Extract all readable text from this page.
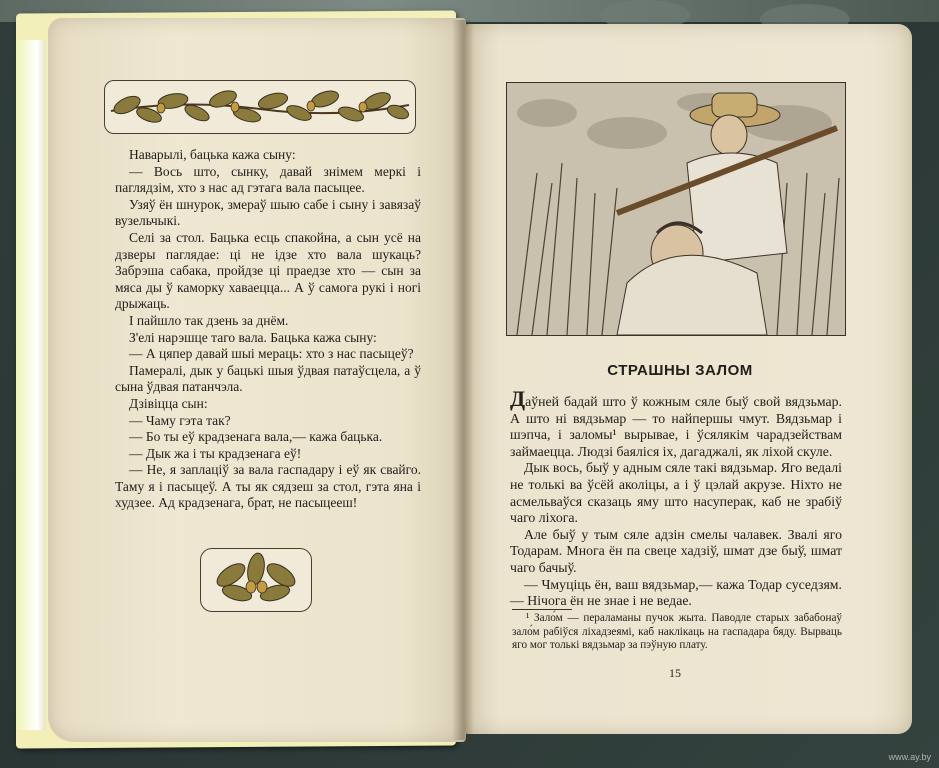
Наварылі, бацька кажа сыну:

— Вось што, сынку, давай знімем меркі і паглядзім, хто з нас ад гэтага вала пасыцее.

Узяў ён шнурок, змераў шыю сабе і сыну і завязаў вузельчыкі.

Селі за стол. Бацька есць спакойна, а сын усё на дзверы паглядае: ці не ідзе хто вала шукаць? Забрэша сабака, пройдзе ці праедзе хто — сын за мяса ды ў каморку хаваецца... А ў самога рукі і ногі дрыжаць.

І пайшло так дзень за днём.

З'елі нарэшце таго вала. Бацька кажа сыну:

— А цяпер давай шыі мераць: хто з нас пасыцеў?

Памералі, дык у бацькі шыя ўдвая патаўсцела, а ў сына ўдвая патанчэла.

Дзівіцца сын:

— Чаму гэта так?

— Бо ты еў крадзенага вала,— кажа бацька.

— Дык жа і ты крадзенага еў!

— Не, я заплаціў за вала гаспадару і еў як свайго. Таму я і пасыцеў. А ты як сядзеш за стол, гэта яна і худзее. Ад крадзенага, брат, не пасыцееш!

СТРАШНЫ ЗАЛОМ

Даўней бадай што ў кожным сяле быў свой вядзьмар. А што ні вядзьмар — то найпершы чмут. Вядзьмар і шэпча, і заломы¹ вырывае, і ўсялякім чарадзействам займаецца. Людзі баяліся іх, дагаджалі, як ліхой скуле.

Дык вось, быў у адным сяле такі вядзьмар. Яго ведалі не толькі ва ўсёй аколіцы, а і ў цэлай акрузе. Ніхто не асмельваўся сказаць яму штo насуперак, каб не зрабіў чаго ліхога.

Але быў у тым сяле адзін смелы чалавек. Звалі яго Тодарам. Многа ён па свеце хадзіў, шмат дзе быў, шмат чаго бачыў.

— Чмуціць ён, ваш вядзьмар,— кажа Тодар суседзям.— Нічога ён не знае і не ведае.

¹ Зало́м — пераламаны пучок жыта. Паводле старых забабонаў зало́м рабіўся ліхадзеямі, каб наклікаць на гаспадара бяду. Вырваць яго мог толькі вядзьмар за пэўную плату.

15
www.ay.by
